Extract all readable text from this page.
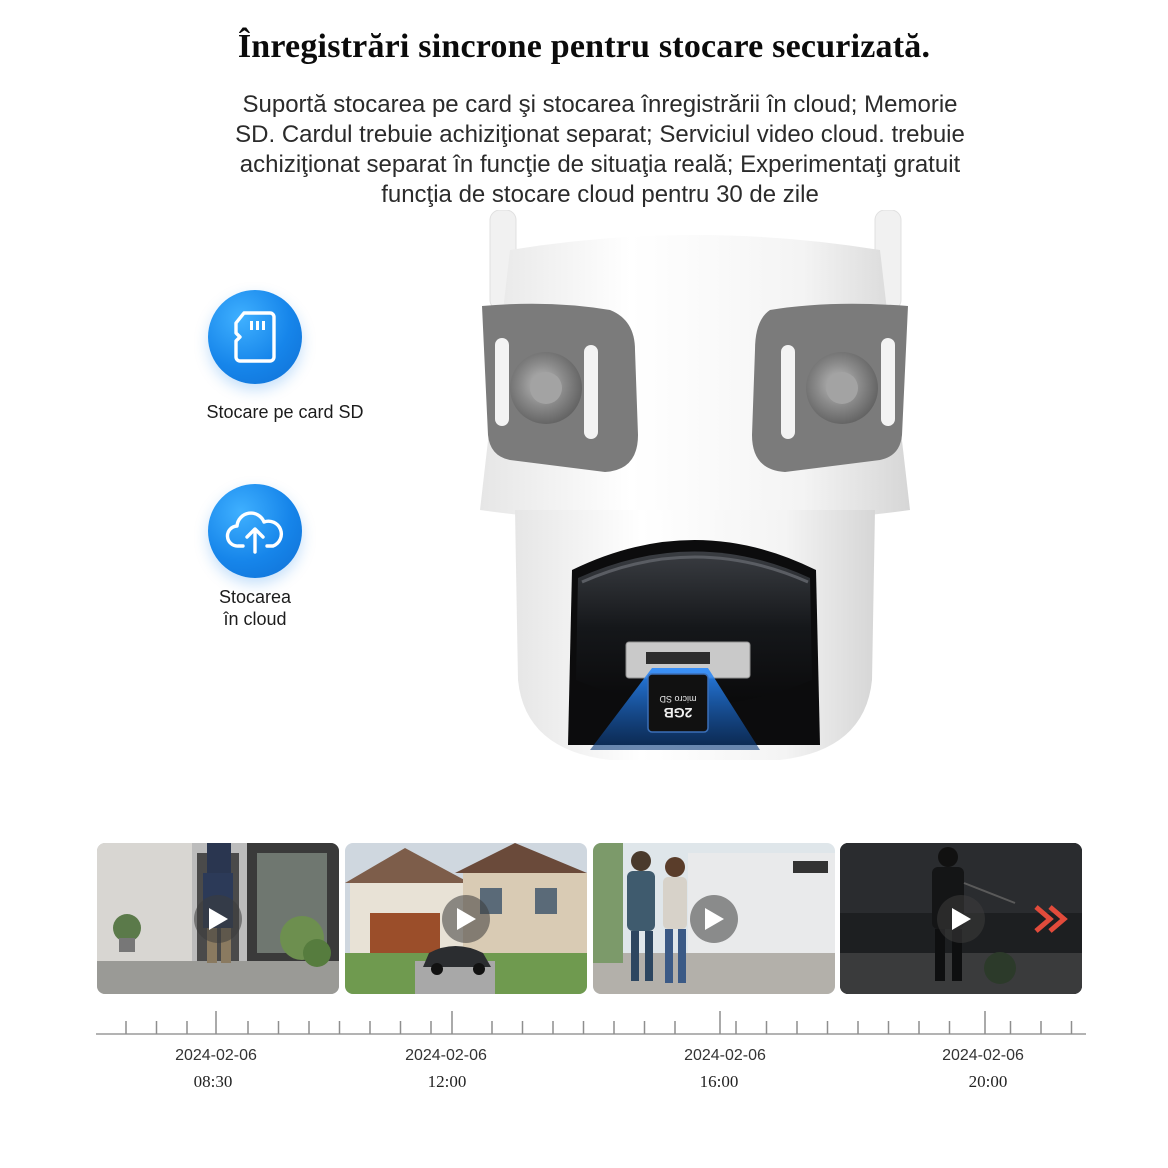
Înregistrări sincrone pentru stocare securizată.
Suportă stocarea pe card şi stocarea înregistrării în cloud; Memorie
SD. Cardul trebuie achiziţionat separat; Serviciul video cloud. trebuie
achiziţionat separat în funcţie de situaţia reală; Experimentaţi gratuit
funcţia de stocare cloud pentru 30 de zile
Stocare pe card SD
Stocarea
în cloud
micro SD
2GB
2024-02-06
08:30
2024-02-06
12:00
2024-02-06
16:00
2024-02-06
20:00
